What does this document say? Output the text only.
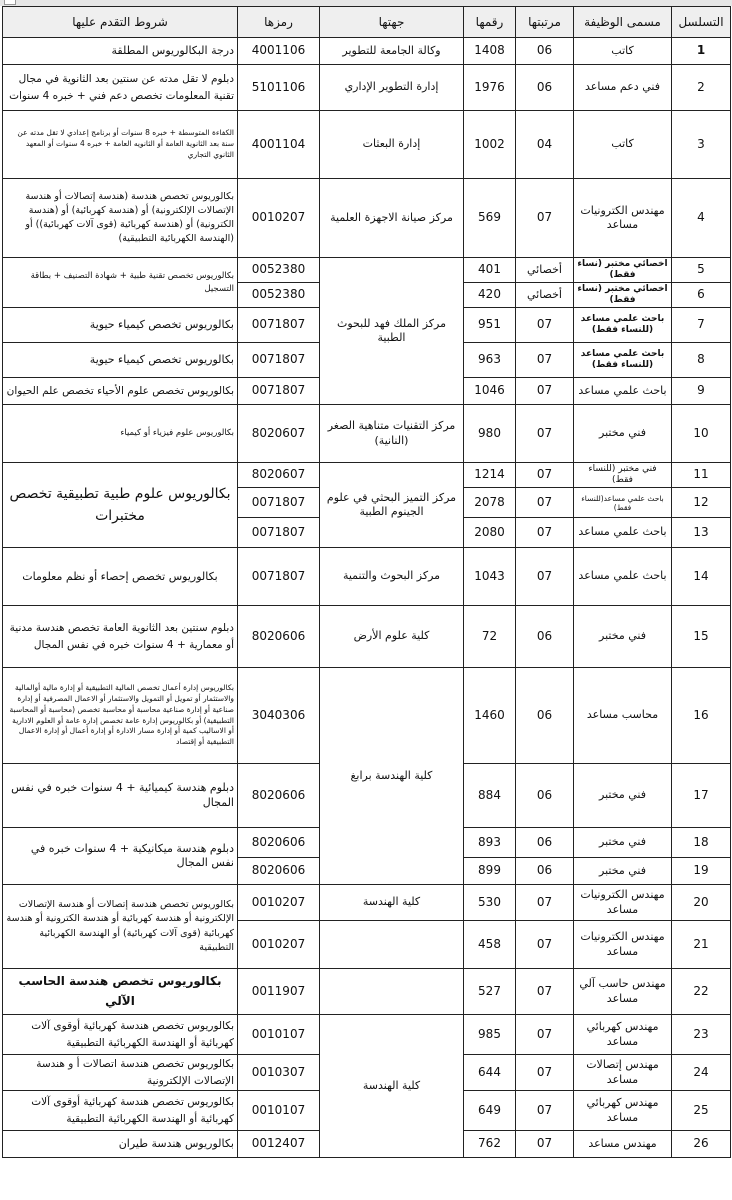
التسلسل	مسمى الوظيفة	مرتبتها	رقمها	جهتها	رمزها	شروط التقدم عليها
1	كاتب	06	1408	وكالة الجامعة للتطوير	4001106	درجة البكالوريوس المطلقة
2	فني دعم مساعد	06	1976	إدارة التطوير الإداري	5101106	دبلوم لا تقل مدته عن سنتين بعد الثانوية في مجال تقنية المعلومات تخصص دعم فني + خبره 4 سنوات
3	كاتب	04	1002	إدارة البعثات	4001104	الكفاءة المتوسطة + خبره 8 سنوات أو برنامج إعدادي لا تقل مدته عن سنة بعد الثانوية العامة أو الثانويه العامة + خبره 4 سنوات أو المعهد الثانوي التجاري
4	مهندس الكترونيات مساعد	07	569	مركز صيانة الاجهزة العلمية	0010207	بكالوريوس تخصص هندسة (هندسة إتصالات أو هندسة الإتصالات الإلكترونية) أو (هندسة كهربائية) أو (هندسة الكترونية) أو (هندسة كهربائية (قوى آلات كهربائية)) أو (الهندسة الكهربائية التطبيقية)
5	اخصائي مختبر (نساء فقط)	أخصائي	401	مركز الملك فهد للبحوث الطبية	0052380	بكالوريوس تخصص تقنية طبية + شهادة التصنيف + بطاقة التسجيل
6	اخصائي مختبر (نساء فقط)	أخصائي	420		0052380	
7	باحث علمي مساعد (للنساء فقط)	07	951		0071807	بكالوريوس تخصص كيمياء حيوية
8	باحث علمي مساعد (للنساء فقط)	07	963		0071807	بكالوريوس تخصص كيمياء حيوية
9	باحث علمي مساعد	07	1046		0071807	بكالوريوس تخصص علوم الأحياء تخصص علم الحيوان
10	فني مختبر	07	980	مركز التقنيات متناهية الصغر (النانية)	8020607	بكالوريوس علوم فيزياء أو كيمياء
11	فني مختبر (للنساء فقط)	07	1214	مركز التميز البحثي في علوم الجينوم الطبية	8020607	بكالوريوس علوم طبية تطبيقية تخصص مختبرات
12	باحث علمي مساعد(للنساء فقط)	07	2078		0071807	
13	باحث علمي مساعد	07	2080		0071807	
14	باحث علمي مساعد	07	1043	مركز البحوث والتنمية	0071807	بكالوريوس تخصص إحصاء أو نظم معلومات
15	فني مختبر	06	72	كلية علوم الأرض	8020606	دبلوم سنتين بعد الثانوية العامة تخصص هندسة مدنية أو معمارية + 4 سنوات خبره في نفس المجال
16	محاسب مساعد	06	1460	كلية الهندسة برابغ	3040306	بكالوريوس إدارة أعمال تخصص المالية التطبيقية أو إدارة مالية أوالمالية والاستثمار أو تمويل أو التمويل والاستثمار أو الاعمال المصرفية أو إدارة صناعية أو إدارة صناعية محاسبة أو محاسبة تخصص (محاسبة أو المحاسبة التطبيقية) أو بكالوريوس إدارة عامة تخصص إدارة عامة أو العلوم الادارية أو الاساليب كمية أو إدارة مسار الادارة أو إدارة أعمال أو إدارة الاعمال التطبيقية أو إقتصاد
17	فني مختبر	06	884		8020606	دبلوم هندسة كيميائية + 4 سنوات خبره في نفس المجال
18	فني مختبر	06	893		8020606	دبلوم هندسة ميكانيكية + 4 سنوات خبره في نفس المجال
19	فني مختبر	06	899		8020606	
20	مهندس الكترونيات مساعد	07	530	كلية الهندسة	0010207	بكالوريوس تخصص هندسة إتصالات أو هندسة الإتصالات الإلكترونية أو هندسة كهربائية أو هندسة الكترونية أو هندسة كهربائية (قوى آلات كهربائية) أو الهندسة الكهربائية التطبيقية
21	مهندس الكترونيات مساعد	07	458		0010207	
22	مهندس حاسب آلي مساعد	07	527		0011907	بكالوريوس تخصص هندسة الحاسب الآلي
23	مهندس كهربائي مساعد	07	985	كلية الهندسة	0010107	بكالوريوس تخصص هندسة كهربائية أوقوى آلات كهربائية أو الهندسة الكهربائية التطبيقية
24	مهندس إتصالات مساعد	07	644		0010307	بكالوريوس تخصص هندسة اتصالات أ و هندسة الإتصالات الإلكترونية
25	مهندس كهربائي مساعد	07	649		0010107	بكالوريوس تخصص هندسة كهربائية أوقوى آلات كهربائية أو الهندسة الكهربائية التطبيقية
26	مهندس مساعد	07	762		0012407	بكالوريوس هندسة طيران
